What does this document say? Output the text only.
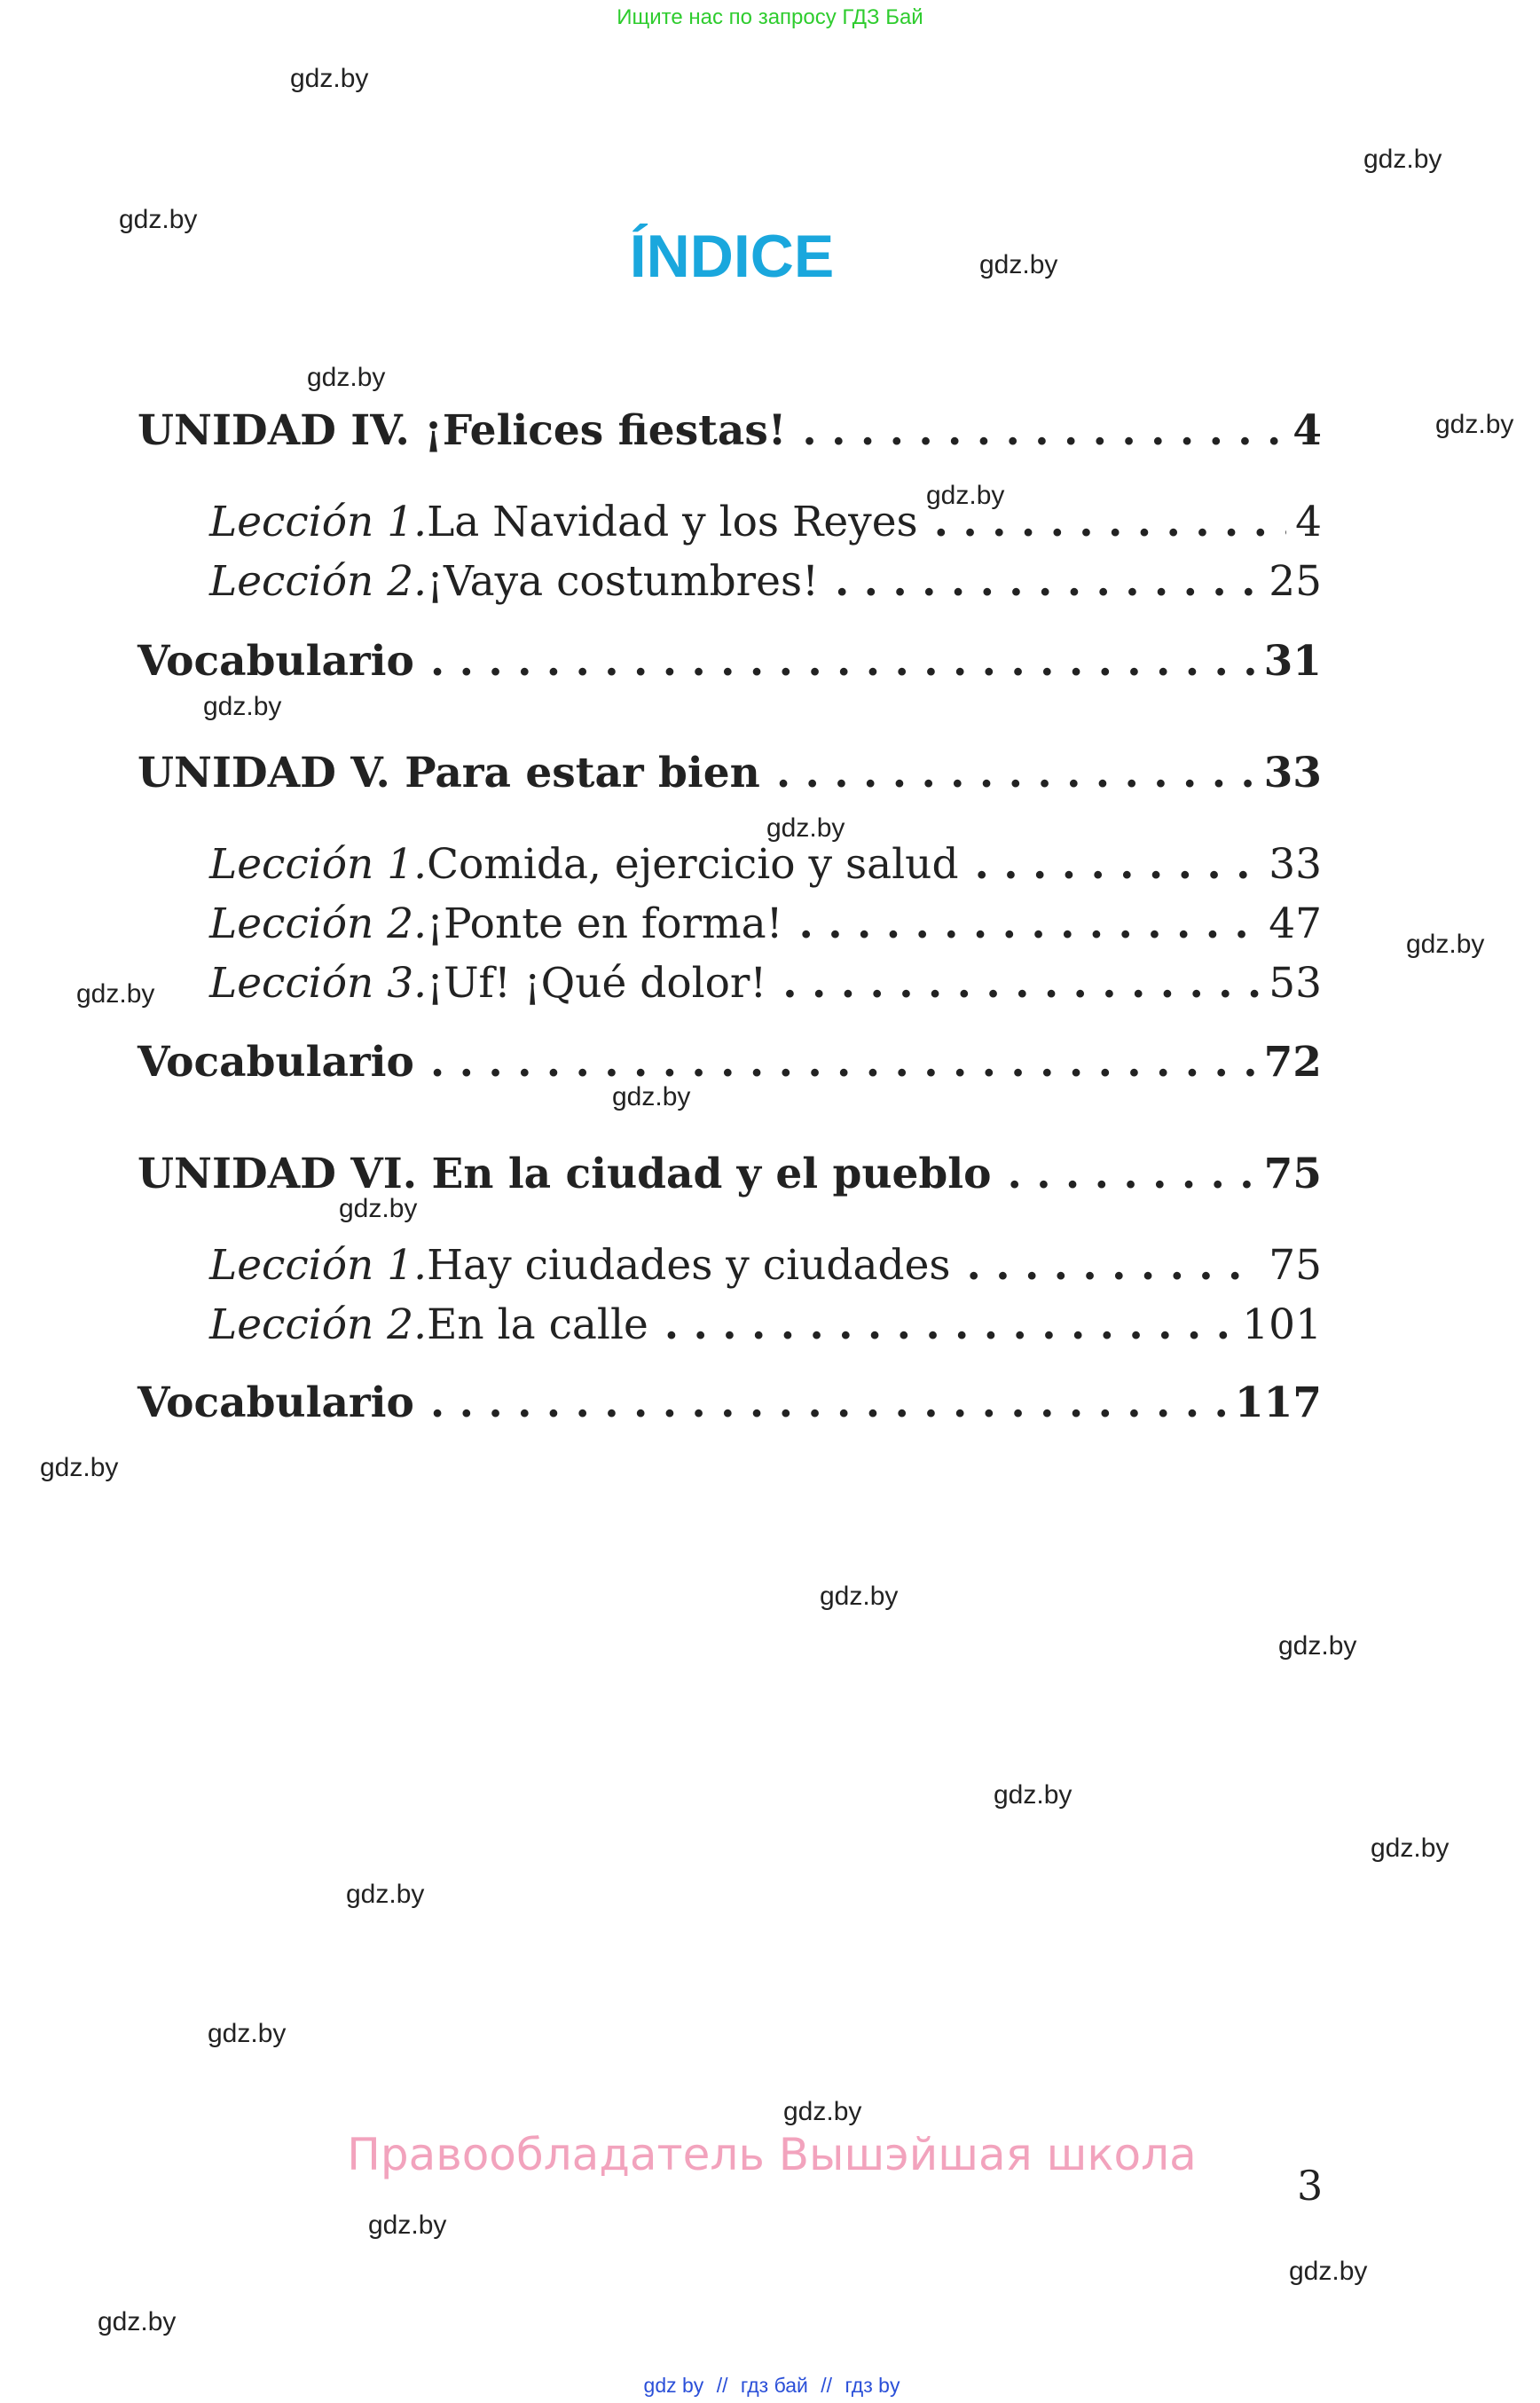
Ищите нас по запросу ГДЗ Бай
ÍNDICE
UNIDAD IV. ¡Felices fiestas! . . .	4
Lección 1. La Navidad y los Reyes . . .	4
Lección 2. ¡Vaya costumbres! . . .	25
Vocabulario . . .	31
UNIDAD V. Para estar bien . . .	33
Lección 1. Comida, ejercicio y salud . . .	33
Lección 2. ¡Ponte en forma! . . .	47
Lección 3. ¡Uf! ¡Qué dolor! . . .	53
Vocabulario . . .	72
UNIDAD VI. En la ciudad y el pueblo . . .	75
Lección 1. Hay ciudades y ciudades . . .	75
Lección 2. En la calle . . .	101
Vocabulario . . .	117
gdz.by
gdz.by
gdz.by
gdz.by
gdz.by
gdz.by
gdz.by
gdz.by
gdz.by
gdz.by
gdz.by
gdz.by
gdz.by
gdz.by
gdz.by
gdz.by
gdz.by
gdz.by
gdz.by
gdz.by
gdz.by
gdz.by
gdz.by
gdz.by
Правообладатель Вышэйшая школа
3
gdz by // гдз бай // гдз by
